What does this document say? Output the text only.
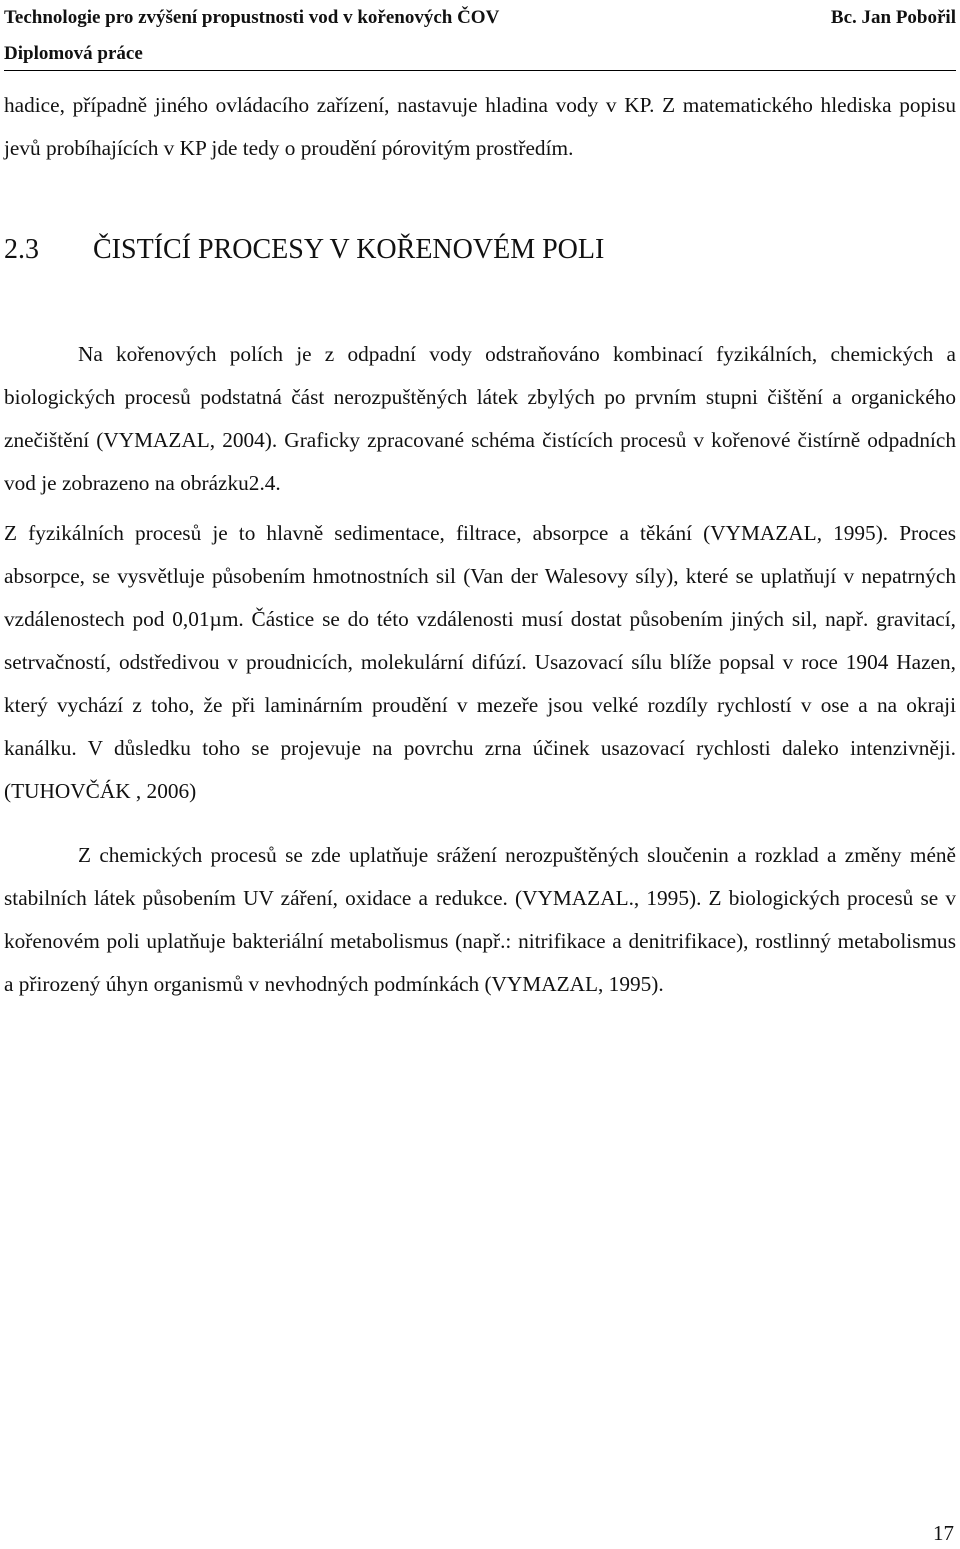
Technologie pro zvýšení propustnosti vod v kořenových ČOV	Bc. Jan Pobořil
Diplomová práce

hadice, případně jiného ovládacího zařízení, nastavuje hladina vody v KP. Z matematického hlediska popisu jevů probíhajících v KP jde tedy o proudění pórovitým prostředím.

2.3 ČISTÍCÍ PROCESY V KOŘENOVÉM POLI

Na kořenových polích je z odpadní vody odstraňováno kombinací fyzikálních, chemických a biologických procesů podstatná část nerozpuštěných látek zbylých po prvním stupni čištění a organického znečištění (VYMAZAL, 2004). Graficky zpracované schéma čistících procesů v kořenové čistírně odpadních vod je zobrazeno na obrázku2.4.

Z fyzikálních procesů je to hlavně sedimentace, filtrace, absorpce a těkání (VYMAZAL, 1995). Proces absorpce, se vysvětluje působením hmotnostních sil (Van der Walesovy síly), které se uplatňují v nepatrných vzdálenostech pod 0,01µm. Částice se do této vzdálenosti musí dostat působením jiných sil, např. gravitací, setrvačností, odstředivou v proudnicích, molekulární difúzí. Usazovací sílu blíže popsal v roce 1904 Hazen, který vychází z toho, že při laminárním proudění v mezeře jsou velké rozdíly rychlostí v ose a na okraji kanálku. V důsledku toho se projevuje na povrchu zrna účinek usazovací rychlosti daleko intenzivněji. (TUHOVČÁK , 2006)

Z chemických procesů se zde uplatňuje srážení nerozpuštěných sloučenin a rozklad a změny méně stabilních látek působením UV záření, oxidace a redukce. (VYMAZAL., 1995). Z biologických procesů se v kořenovém poli uplatňuje bakteriální metabolismus (např.: nitrifikace a denitrifikace), rostlinný metabolismus a přirozený úhyn organismů v nevhodných podmínkách (VYMAZAL, 1995).

17
